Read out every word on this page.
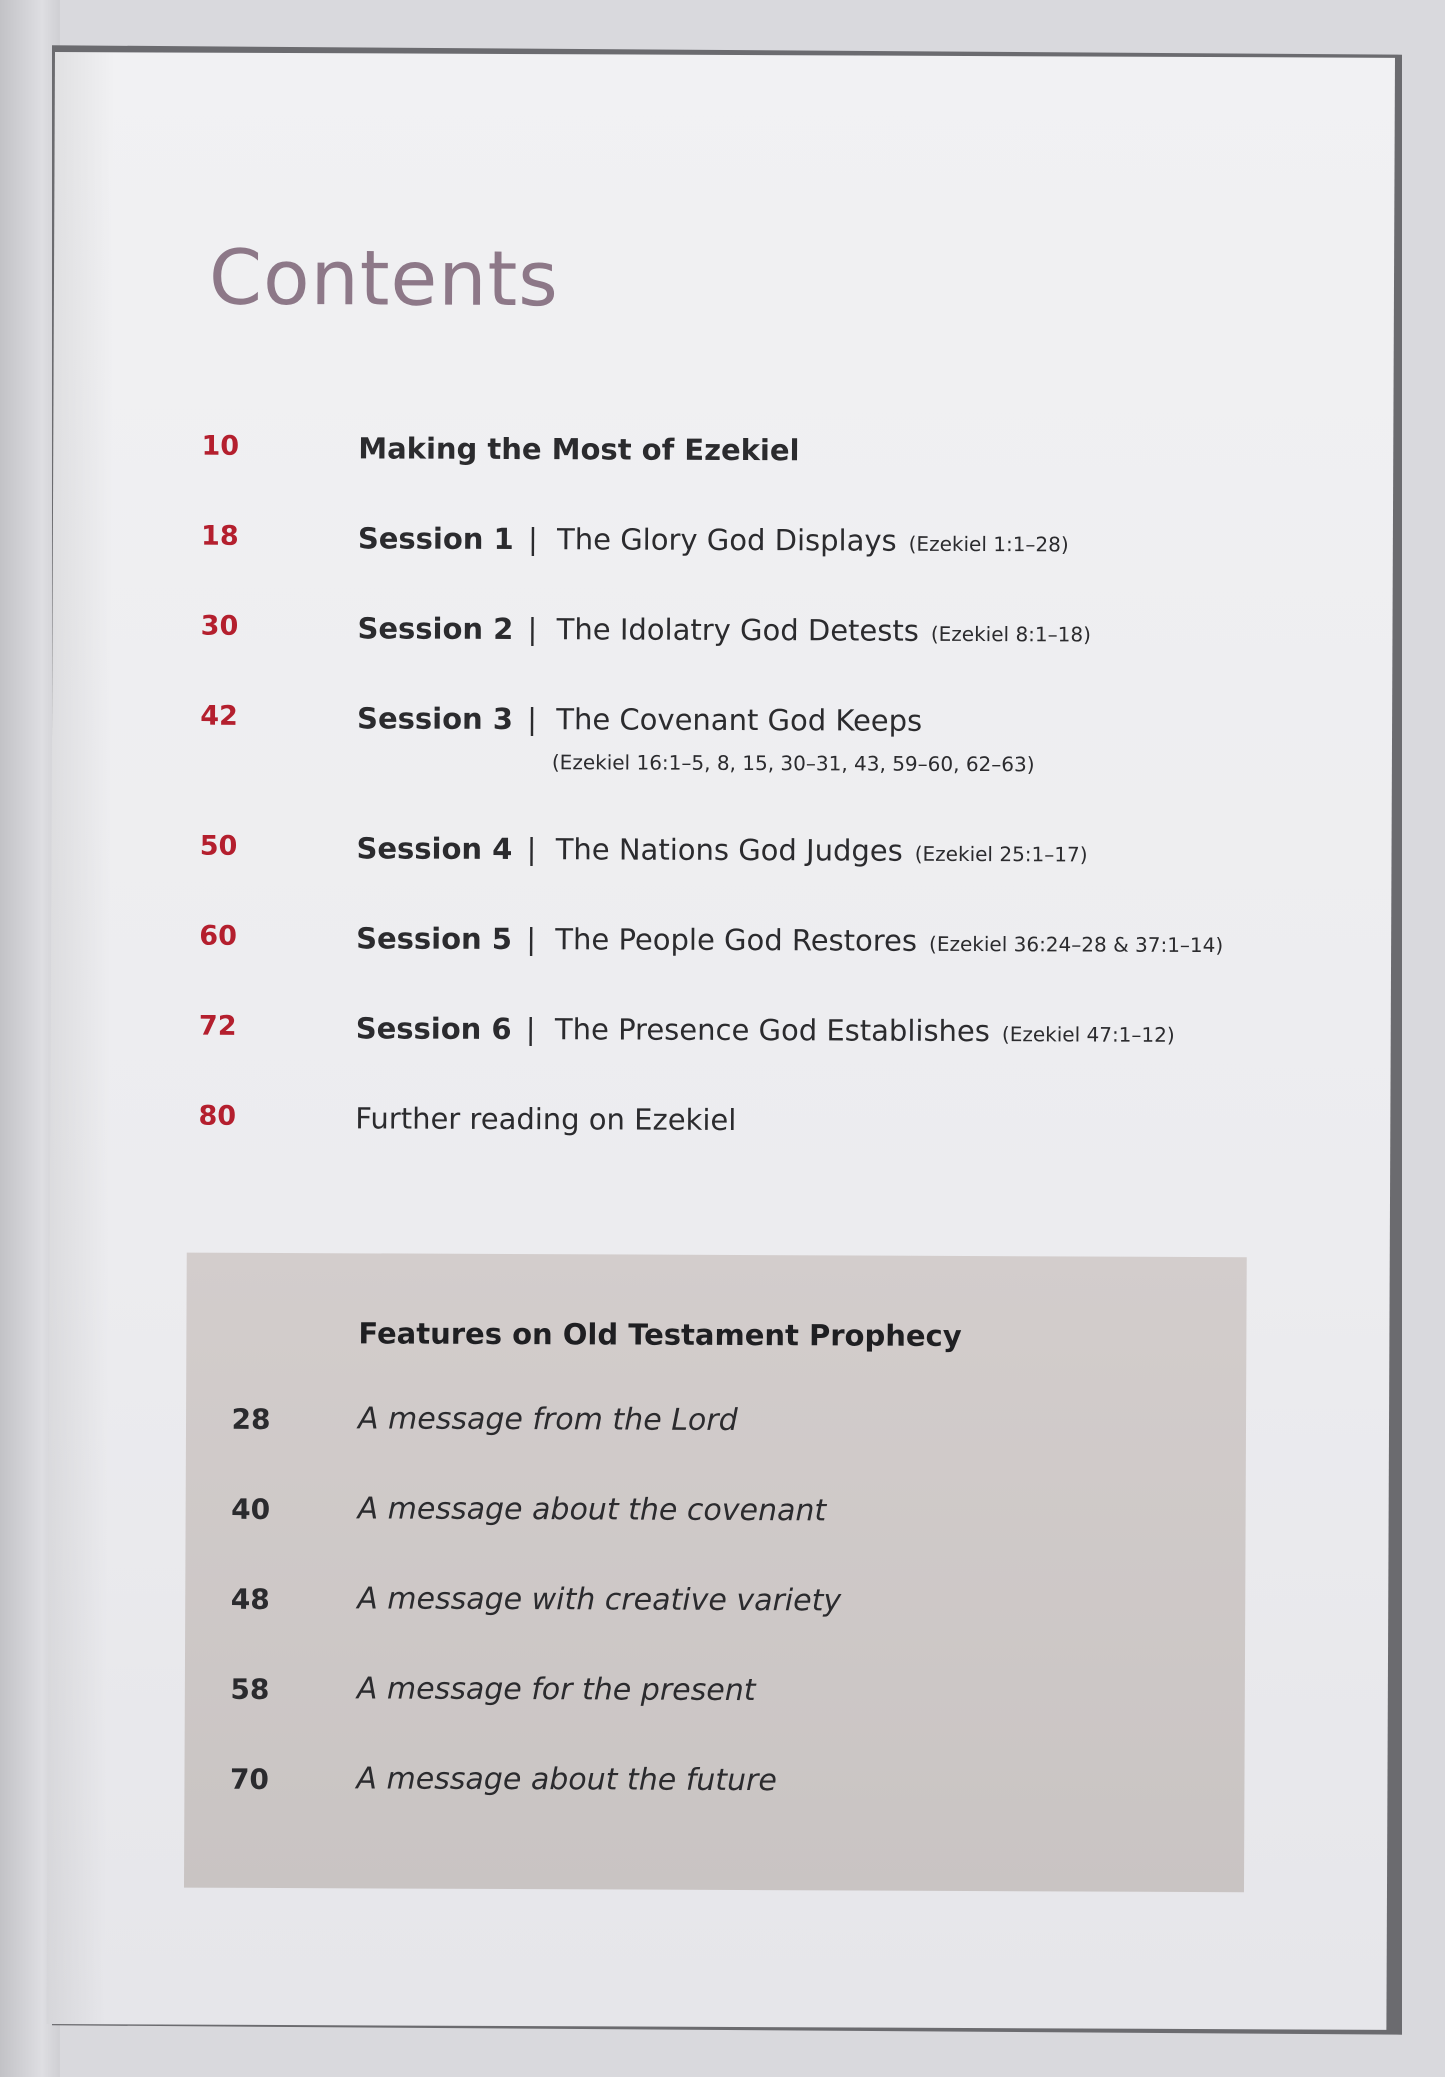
Contents
10	Making the Most of Ezekiel
18	Session 1 | The Glory God Displays (Ezekiel 1:1–28)
30	Session 2 | The Idolatry God Detests (Ezekiel 8:1–18)
42	Session 3 | The Covenant God Keeps
(Ezekiel 16:1–5, 8, 15, 30–31, 43, 59–60, 62–63)
50	Session 4 | The Nations God Judges (Ezekiel 25:1–17)
60	Session 5 | The People God Restores (Ezekiel 36:24–28 & 37:1–14)
72	Session 6 | The Presence God Establishes (Ezekiel 47:1–12)
80	Further reading on Ezekiel
Features on Old Testament Prophecy
28	A message from the Lord
40	A message about the covenant
48	A message with creative variety
58	A message for the present
70	A message about the future
